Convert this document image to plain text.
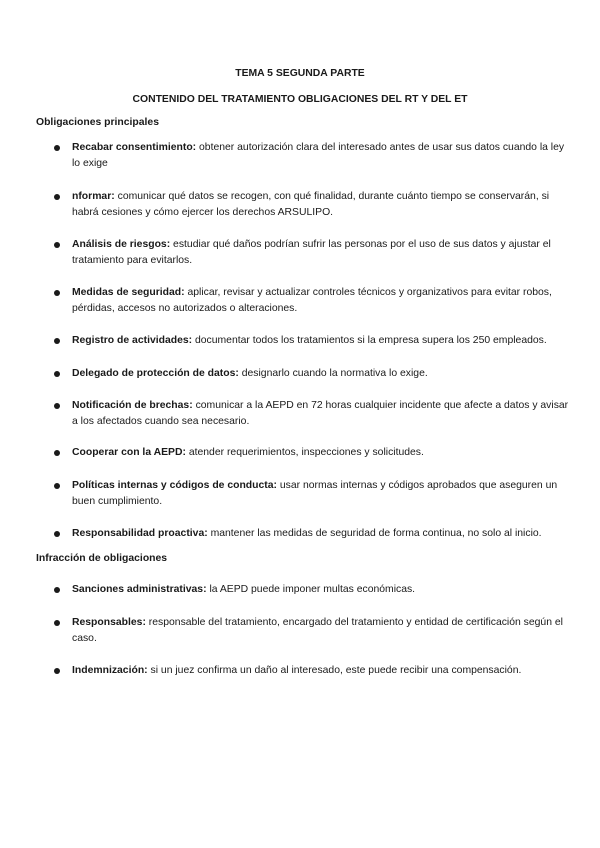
TEMA 5 SEGUNDA PARTE
CONTENIDO DEL TRATAMIENTO OBLIGACIONES DEL RT Y DEL ET
Obligaciones principales
Recabar consentimiento: obtener autorización clara del interesado antes de usar sus datos cuando la ley lo exige
nformar: comunicar qué datos se recogen, con qué finalidad, durante cuánto tiempo se conservarán, si habrá cesiones y cómo ejercer los derechos ARSULIPO.
Análisis de riesgos: estudiar qué daños podrían sufrir las personas por el uso de sus datos y ajustar el tratamiento para evitarlos.
Medidas de seguridad: aplicar, revisar y actualizar controles técnicos y organizativos para evitar robos, pérdidas, accesos no autorizados o alteraciones.
Registro de actividades: documentar todos los tratamientos si la empresa supera los 250 empleados.
Delegado de protección de datos: designarlo cuando la normativa lo exige.
Notificación de brechas: comunicar a la AEPD en 72 horas cualquier incidente que afecte a datos y avisar a los afectados cuando sea necesario.
Cooperar con la AEPD: atender requerimientos, inspecciones y solicitudes.
Políticas internas y códigos de conducta: usar normas internas y códigos aprobados que aseguren un buen cumplimiento.
Responsabilidad proactiva: mantener las medidas de seguridad de forma continua, no solo al inicio.
Infracción de obligaciones
Sanciones administrativas: la AEPD puede imponer multas económicas.
Responsables: responsable del tratamiento, encargado del tratamiento y entidad de certificación según el caso.
Indemnización: si un juez confirma un daño al interesado, este puede recibir una compensación.
